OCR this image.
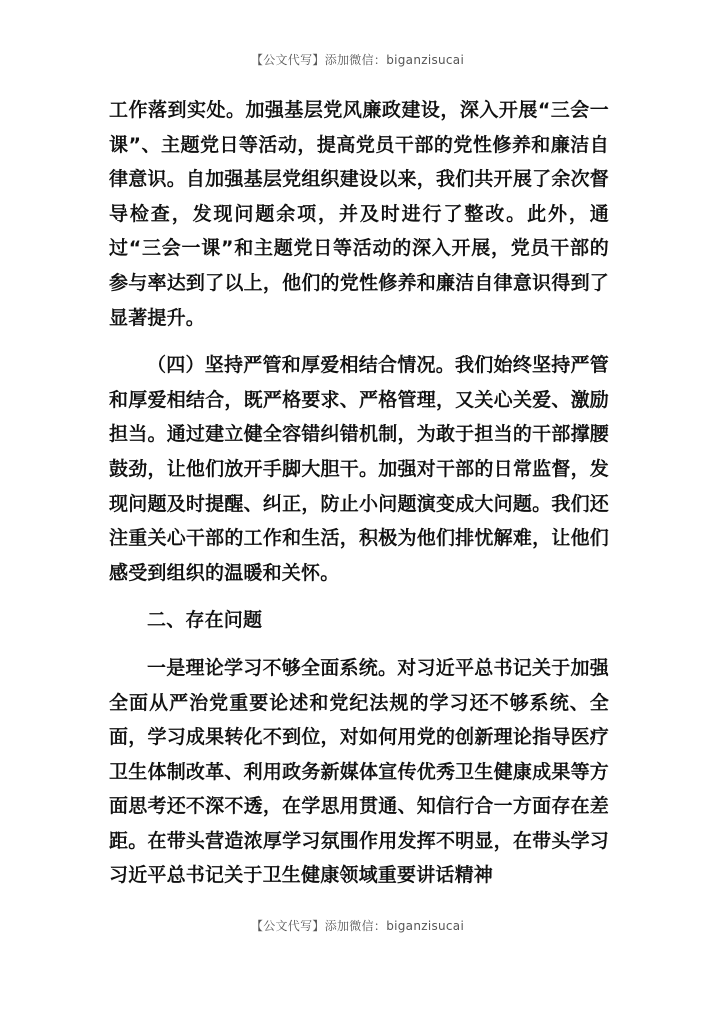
【公文代写】添加微信：biganzisucai

工作落到实处。加强基层党风廉政建设，深入开展“三会一课”、主题党日等活动，提高党员干部的党性修养和廉洁自律意识。自加强基层党组织建设以来，我们共开展了余次督导检查，发现问题余项，并及时进行了整改。此外，通过“三会一课”和主题党日等活动的深入开展，党员干部的参与率达到了以上，他们的党性修养和廉洁自律意识得到了显著提升。

（四）坚持严管和厚爱相结合情况。我们始终坚持严管和厚爱相结合，既严格要求、严格管理，又关心关爱、激励担当。通过建立健全容错纠错机制，为敢于担当的干部撑腰鼓劲，让他们放开手脚大胆干。加强对干部的日常监督，发现问题及时提醒、纠正，防止小问题演变成大问题。我们还注重关心干部的工作和生活，积极为他们排忧解难，让他们感受到组织的温暖和关怀。

二、存在问题

一是理论学习不够全面系统。对习近平总书记关于加强全面从严治党重要论述和党纪法规的学习还不够系统、全面，学习成果转化不到位，对如何用党的创新理论指导医疗卫生体制改革、利用政务新媒体宣传优秀卫生健康成果等方面思考还不深不透，在学思用贯通、知信行合一方面存在差距。在带头营造浓厚学习氛围作用发挥不明显，在带头学习习近平总书记关于卫生健康领域重要讲话精神

【公文代写】添加微信：biganzisucai
